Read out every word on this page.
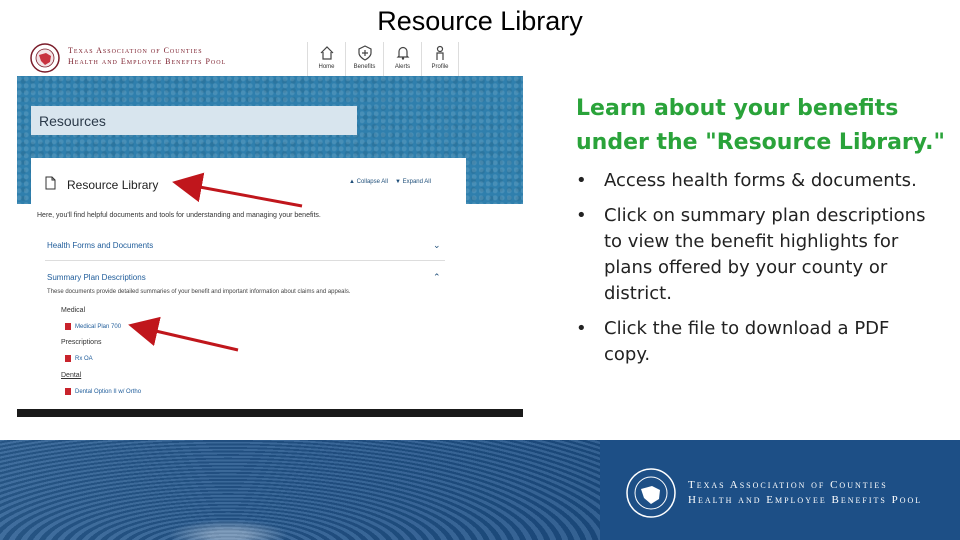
Resource Library
Texas Association of Counties
Health and Employee Benefits Pool
Home	Benefits	Alerts	Profile
Resources
Resource Library	▲ Collapse All ▼ Expand All
Here, you'll find helpful documents and tools for understanding and managing your benefits.
Health Forms and Documents	⌄
Summary Plan Descriptions	⌃
These documents provide detailed summaries of your benefit and important information about claims and appeals.
Medical
Medical Plan 700
Prescriptions
Rx OA
Dental
Dental Option II w/ Ortho
Learn about your benefits under the "Resource Library."
• Access health forms & documents.
• Click on summary plan descriptions to view the benefit highlights for plans offered by your county or district.
• Click the file to download a PDF copy.
Texas Association of Counties
Health and Employee Benefits Pool
